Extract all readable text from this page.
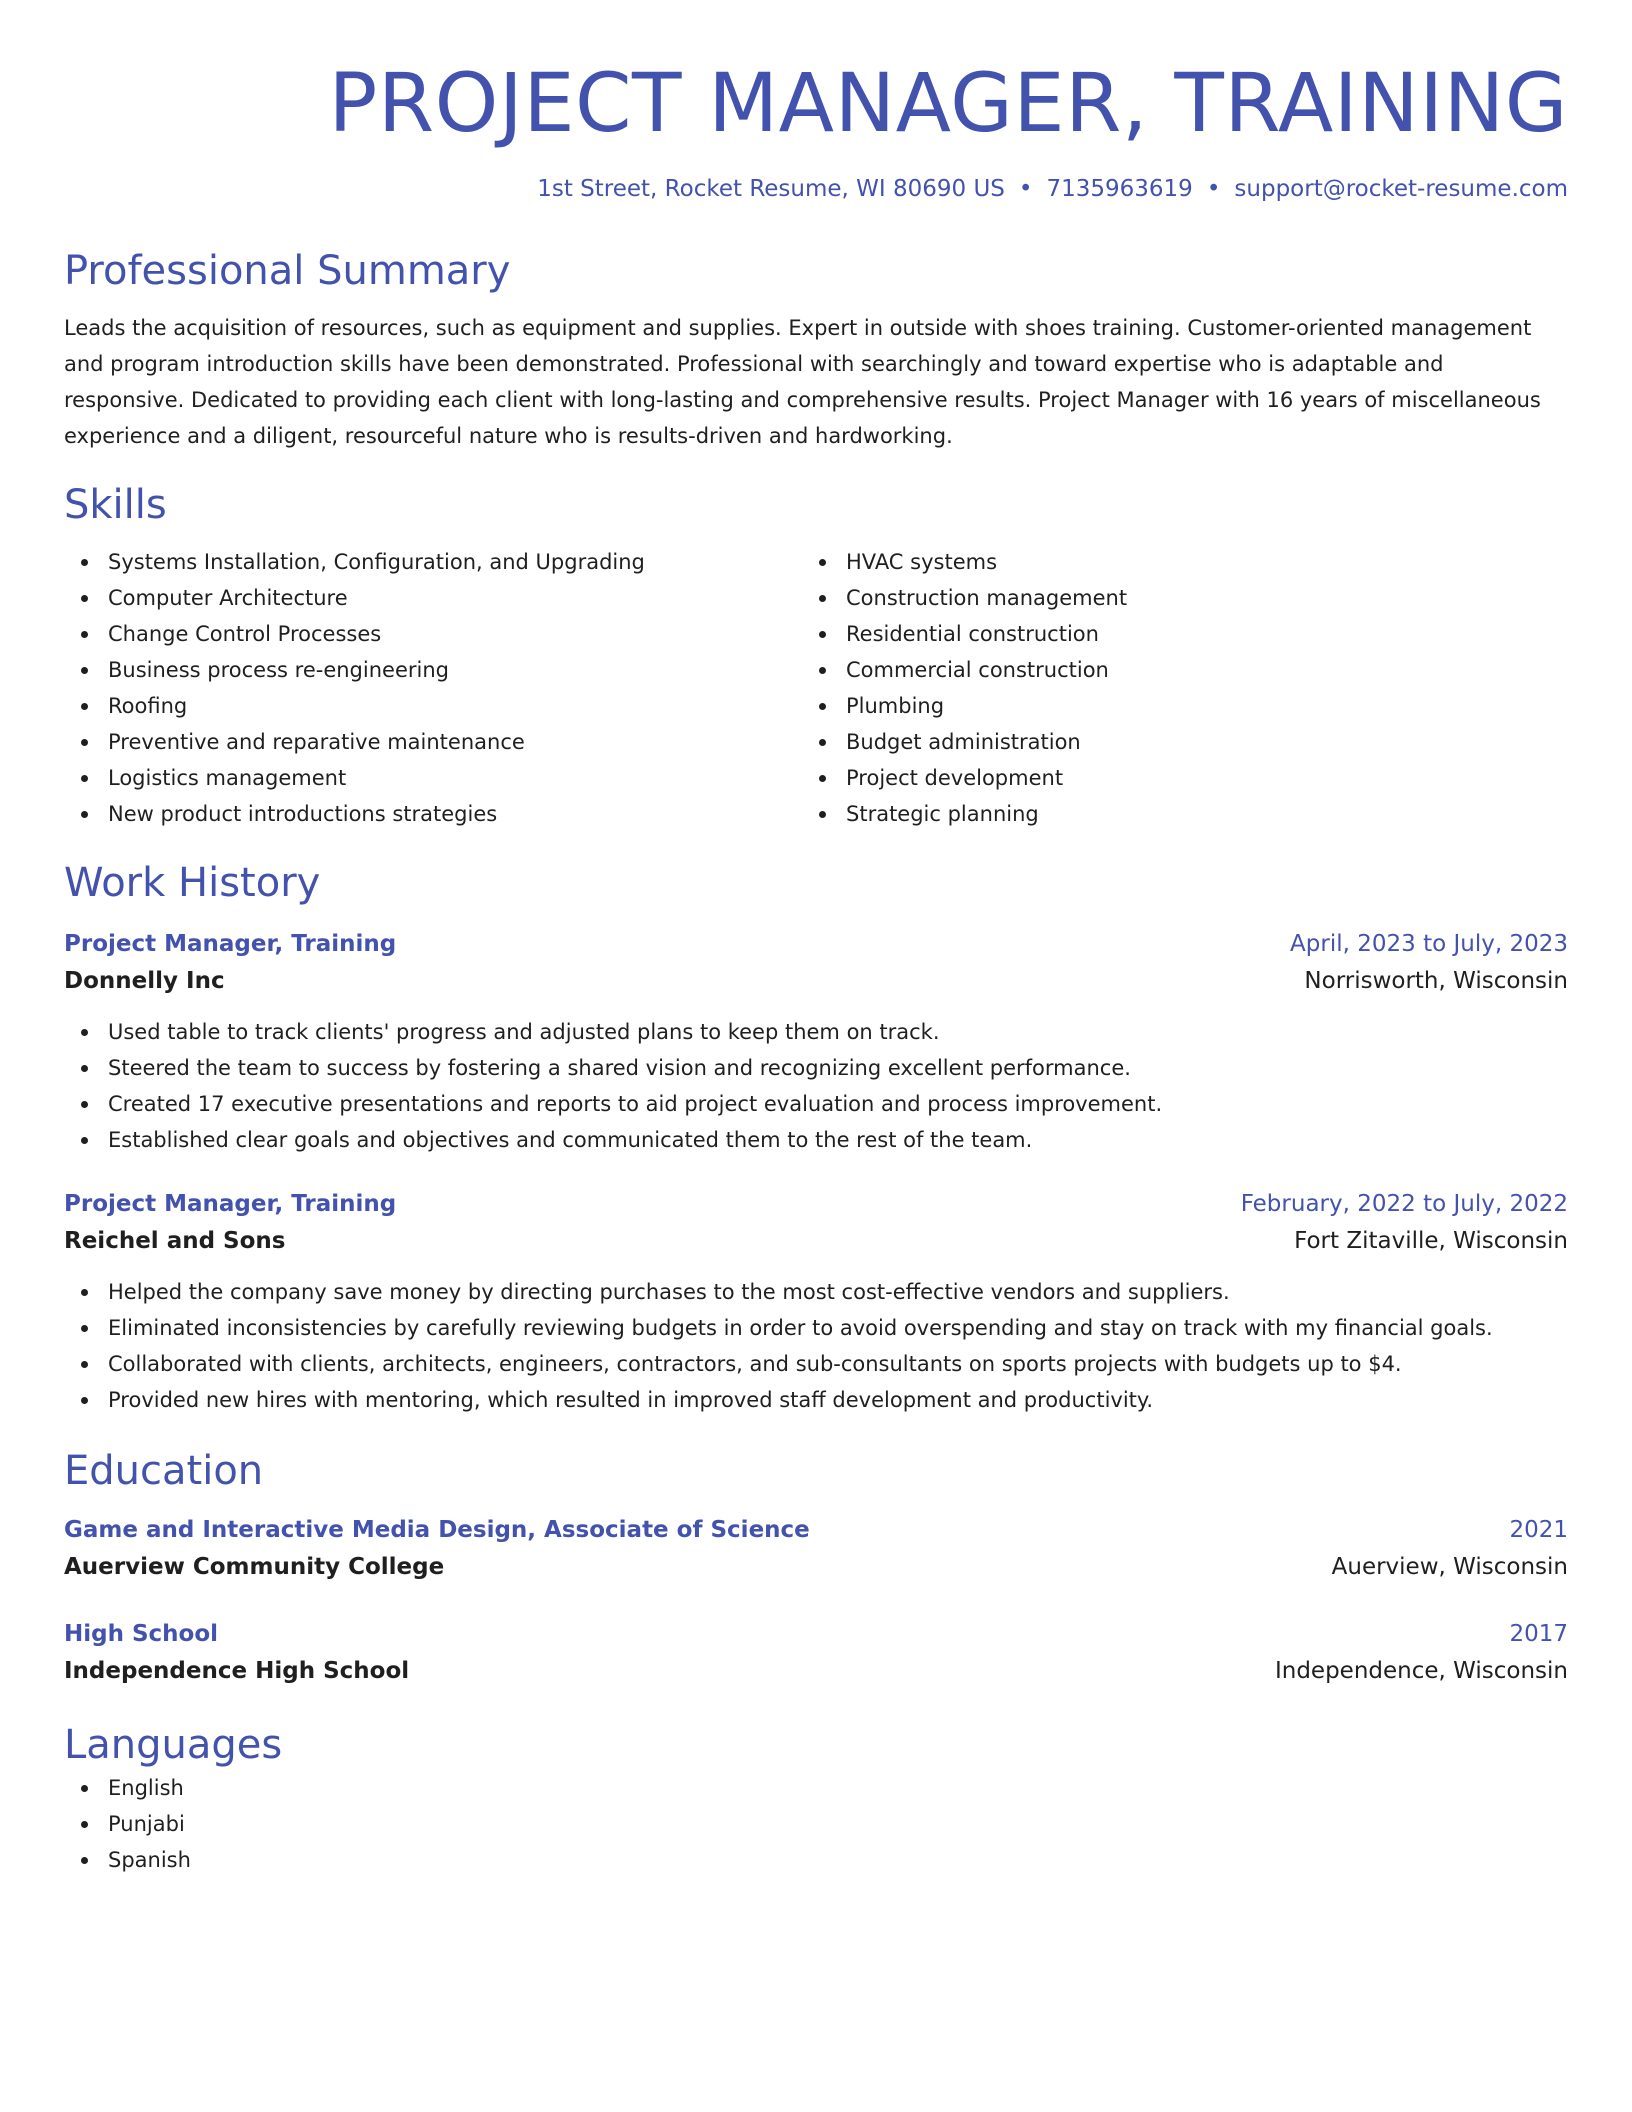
PROJECT MANAGER, TRAINING
1st Street, Rocket Resume, WI 80690 US • 7135963619 • support@rocket-resume.com
Professional Summary
Leads the acquisition of resources, such as equipment and supplies. Expert in outside with shoes training. Customer-oriented management and program introduction skills have been demonstrated. Professional with searchingly and toward expertise who is adaptable and responsive. Dedicated to providing each client with long-lasting and comprehensive results. Project Manager with 16 years of miscellaneous experience and a diligent, resourceful nature who is results-driven and hardworking.
Skills
Systems Installation, Configuration, and Upgrading
Computer Architecture
Change Control Processes
Business process re-engineering
Roofing
Preventive and reparative maintenance
Logistics management
New product introductions strategies
HVAC systems
Construction management
Residential construction
Commercial construction
Plumbing
Budget administration
Project development
Strategic planning
Work History
Project Manager, Training	April, 2023 to July, 2023
Donnelly Inc	Norrisworth, Wisconsin
Used table to track clients' progress and adjusted plans to keep them on track.
Steered the team to success by fostering a shared vision and recognizing excellent performance.
Created 17 executive presentations and reports to aid project evaluation and process improvement.
Established clear goals and objectives and communicated them to the rest of the team.
Project Manager, Training	February, 2022 to July, 2022
Reichel and Sons	Fort Zitaville, Wisconsin
Helped the company save money by directing purchases to the most cost-effective vendors and suppliers.
Eliminated inconsistencies by carefully reviewing budgets in order to avoid overspending and stay on track with my financial goals.
Collaborated with clients, architects, engineers, contractors, and sub-consultants on sports projects with budgets up to $4.
Provided new hires with mentoring, which resulted in improved staff development and productivity.
Education
Game and Interactive Media Design, Associate of Science	2021
Auerview Community College	Auerview, Wisconsin
High School	2017
Independence High School	Independence, Wisconsin
Languages
English
Punjabi
Spanish
